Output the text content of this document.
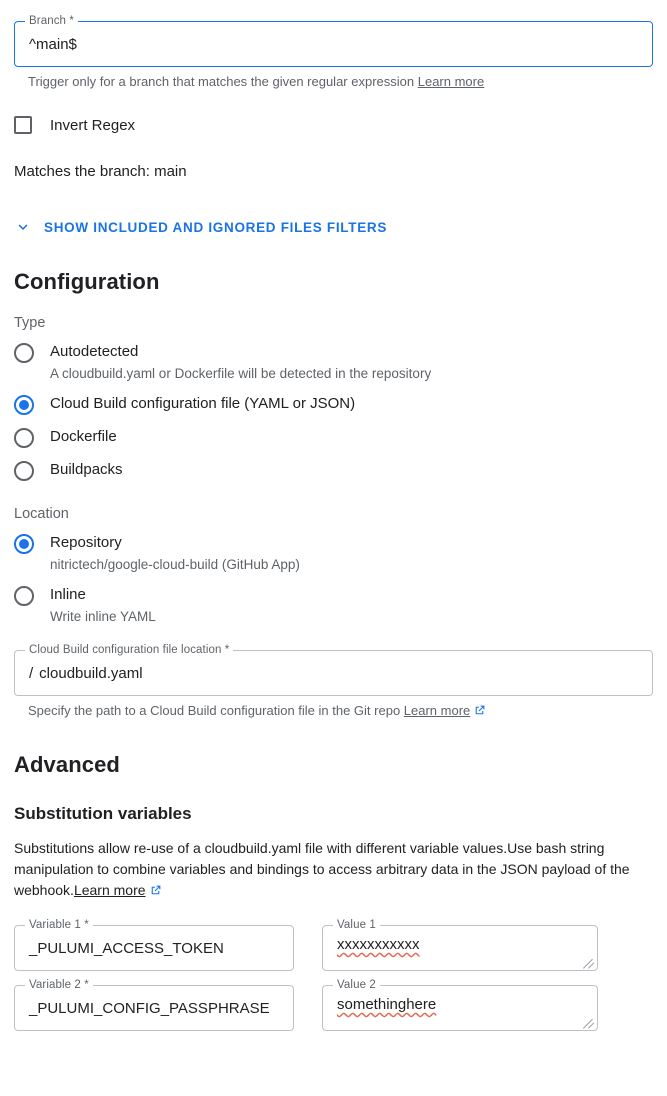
Branch *
^main$
Trigger only for a branch that matches the given regular expression Learn more
Invert Regex
Matches the branch: main
SHOW INCLUDED AND IGNORED FILES FILTERS
Configuration
Type
Autodetected
A cloudbuild.yaml or Dockerfile will be detected in the repository
Cloud Build configuration file (YAML or JSON)
Dockerfile
Buildpacks
Location
Repository
nitrictech/google-cloud-build (GitHub App)
Inline
Write inline YAML
Cloud Build configuration file location *
/ cloudbuild.yaml
Specify the path to a Cloud Build configuration file in the Git repo Learn more
Advanced
Substitution variables
Substitutions allow re-use of a cloudbuild.yaml file with different variable values.Use bash string manipulation to combine variables and bindings to access arbitrary data in the JSON payload of the webhook.Learn more
Variable 1 *
_PULUMI_ACCESS_TOKEN
Value 1
xxxxxxxxxxx
Variable 2 *
_PULUMI_CONFIG_PASSPHRASE
Value 2
somethinghere
